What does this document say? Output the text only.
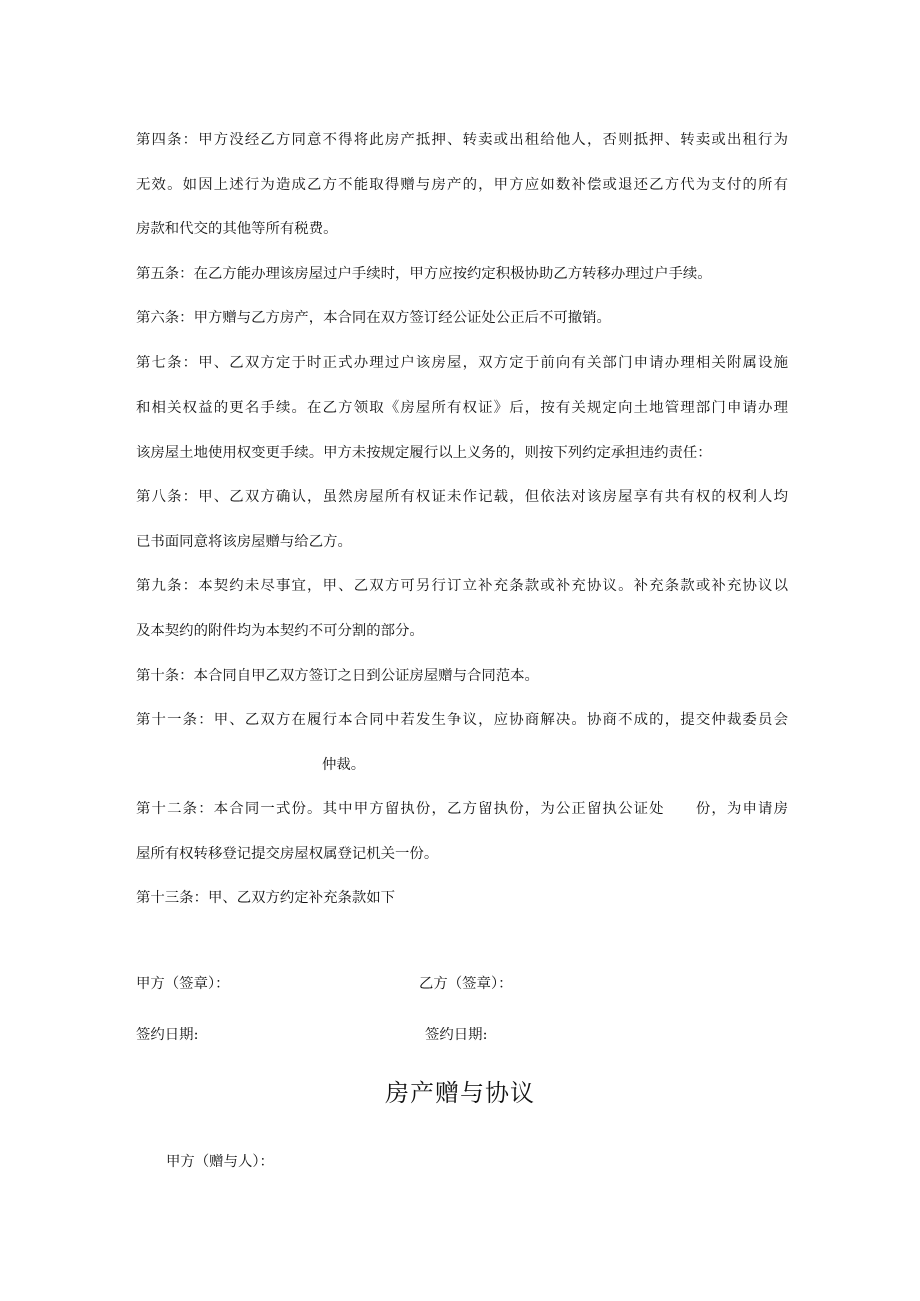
第四条：甲方没经乙方同意不得将此房产抵押、转卖或出租给他人，否则抵押、转卖或出租行为
无效。如因上述行为造成乙方不能取得赠与房产的，甲方应如数补偿或退还乙方代为支付的所有
房款和代交的其他等所有税费。
第五条：在乙方能办理该房屋过户手续时，甲方应按约定积极协助乙方转移办理过户手续。
第六条：甲方赠与乙方房产，本合同在双方签订经公证处公正后不可撤销。
第七条：甲、乙双方定于时正式办理过户该房屋，双方定于前向有关部门申请办理相关附属设施
和相关权益的更名手续。在乙方领取《房屋所有权证》后，按有关规定向土地管理部门申请办理
该房屋土地使用权变更手续。甲方未按规定履行以上义务的，则按下列约定承担违约责任：
第八条：甲、乙双方确认，虽然房屋所有权证未作记载，但依法对该房屋享有共有权的权利人均
已书面同意将该房屋赠与给乙方。
第九条：本契约未尽事宜，甲、乙双方可另行订立补充条款或补充协议。补充条款或补充协议以
及本契约的附件均为本契约不可分割的部分。
第十条：本合同自甲乙双方签订之日到公证房屋赠与合同范本。
第十一条：甲、乙双方在履行本合同中若发生争议，应协商解决。协商不成的，提交仲裁委员会
仲裁。
第十二条：本合同一式份。其中甲方留执份，乙方留执份，为公正留执公证处　　份，为申请房
屋所有权转移登记提交房屋权属登记机关一份。
第十三条：甲、乙双方约定补充条款如下
甲方（签章）：	乙方（签章）：
签约日期:	签约日期:
房产赠与协议
甲方（赠与人）：
